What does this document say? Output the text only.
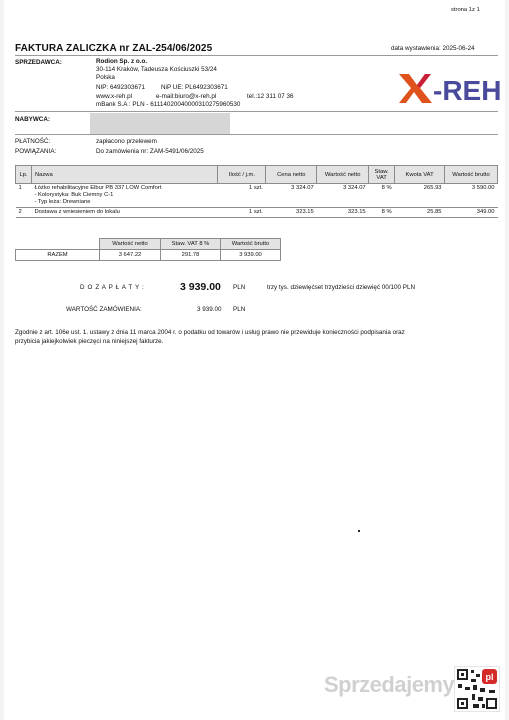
strona 1z 1
FAKTURA ZALICZKA nr ZAL-254/06/2025	data wystawienia: 2025-06-24
SPRZEDAWCA:	Rodion Sp. z o.o.
30-114 Kraków, Tadeusza Kościuszki 53/24
Polska
NIP: 6492303671	NiP UE: PL6492303671
www.x-reh.pl	e-mail:biuro@x-reh.pl	tel.:12 311 07 36
mBank S.A : PLN - 61114020040000310275960530	-REH
NABYWCA:
PŁATNOŚĆ:	zapłacono przelewem
POWIĄZANIA:	Do zamówienia nr: ZAM-5491/06/2025
Lp.	Nazwa	Ilość / j.m.	Cena netto	Wartość netto	Staw. VAT	Kwota VAT	Wartość brutto
1	Łóżko rehabilitacyjne Elbur PB 337 LOW Comfort
- Kolorystyka: Buk Ciemny C-1
- Typ leża: Drewniane	1 szt.	3 324.07	3 324.07	8 %	265.93	3 590.00
2	Dostawa z wniesieniem do lokalu	1 szt.	323.15	323.15	8 %	25.85	349.00
	Wartość netto	Staw. VAT 8 %	Wartość brutto
RAZEM	3 647.22	291.78	3 939.00
D O Z A P Ł A T Y :	3 939.00 PLN	trzy tys. dziewięćset trzydzieści dziewięć 00/100 PLN
WARTOŚĆ ZAMÓWIENIA:	3 939.00 PLN
Zgodnie z art. 106e ust. 1. ustawy z dnia 11 marca 2004 r. o podatku od towarów i usług prawo nie przewiduje konieczności podpisania oraz
przybicia jakiejkolwiek pieczęci na niniejszej fakturze.
Sprzedajemy	pl
